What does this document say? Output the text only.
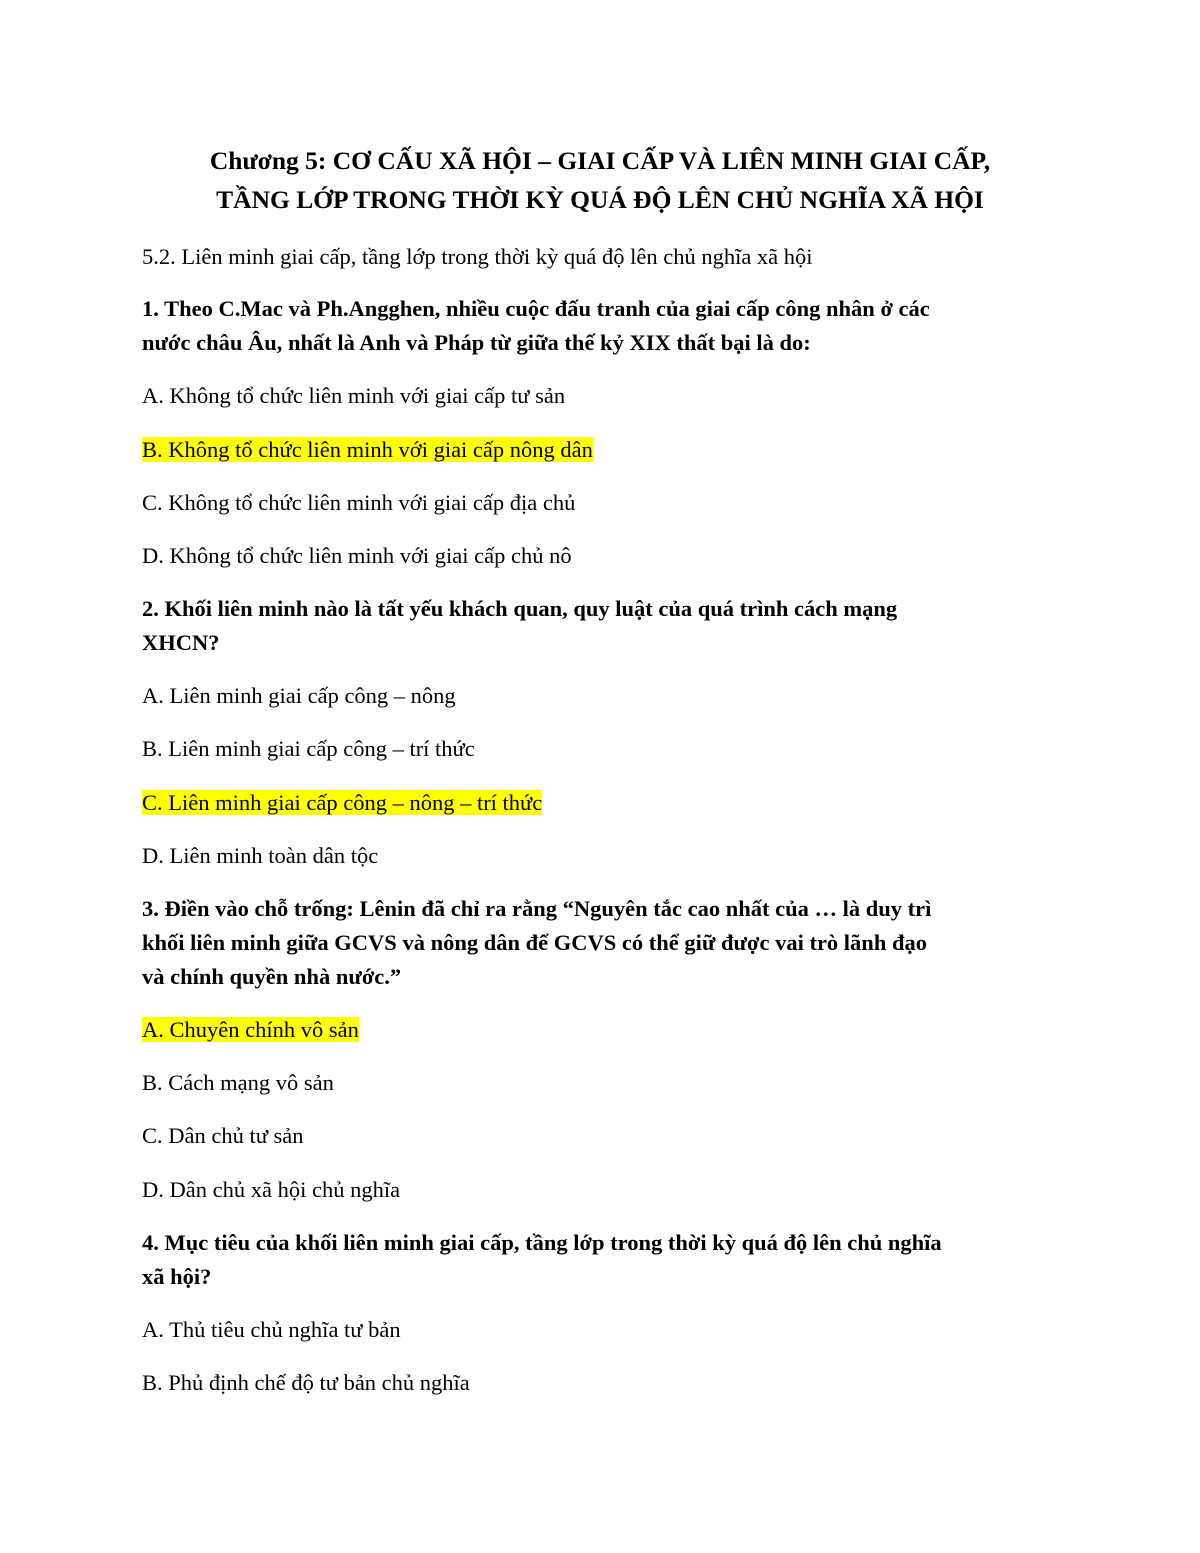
Chương 5: CƠ CẤU XÃ HỘI – GIAI CẤP VÀ LIÊN MINH GIAI CẤP,
TẦNG LỚP TRONG THỜI KỲ QUÁ ĐỘ LÊN CHỦ NGHĨA XÃ HỘI

5.2. Liên minh giai cấp, tầng lớp trong thời kỳ quá độ lên chủ nghĩa xã hội

1. Theo C.Mac và Ph.Angghen, nhiều cuộc đấu tranh của giai cấp công nhân ở các

nước châu Âu, nhất là Anh và Pháp từ giữa thế kỷ XIX thất bại là do:

A. Không tổ chức liên minh với giai cấp tư sản

B. Không tổ chức liên minh với giai cấp nông dân

C. Không tổ chức liên minh với giai cấp địa chủ

D. Không tổ chức liên minh với giai cấp chủ nô

2. Khối liên minh nào là tất yếu khách quan, quy luật của quá trình cách mạng

XHCN?

A. Liên minh giai cấp công – nông

B. Liên minh giai cấp công – trí thức

C. Liên minh giai cấp công – nông – trí thức

D. Liên minh toàn dân tộc

3. Điền vào chỗ trống: Lênin đã chỉ ra rằng “Nguyên tắc cao nhất của … là duy trì

khối liên minh giữa GCVS và nông dân để GCVS có thể giữ được vai trò lãnh đạo

và chính quyền nhà nước.”

A. Chuyên chính vô sản

B. Cách mạng vô sản

C. Dân chủ tư sản

D. Dân chủ xã hội chủ nghĩa

4. Mục tiêu của khối liên minh giai cấp, tầng lớp trong thời kỳ quá độ lên chủ nghĩa

xã hội?

A. Thủ tiêu chủ nghĩa tư bản

B. Phủ định chế độ tư bản chủ nghĩa
